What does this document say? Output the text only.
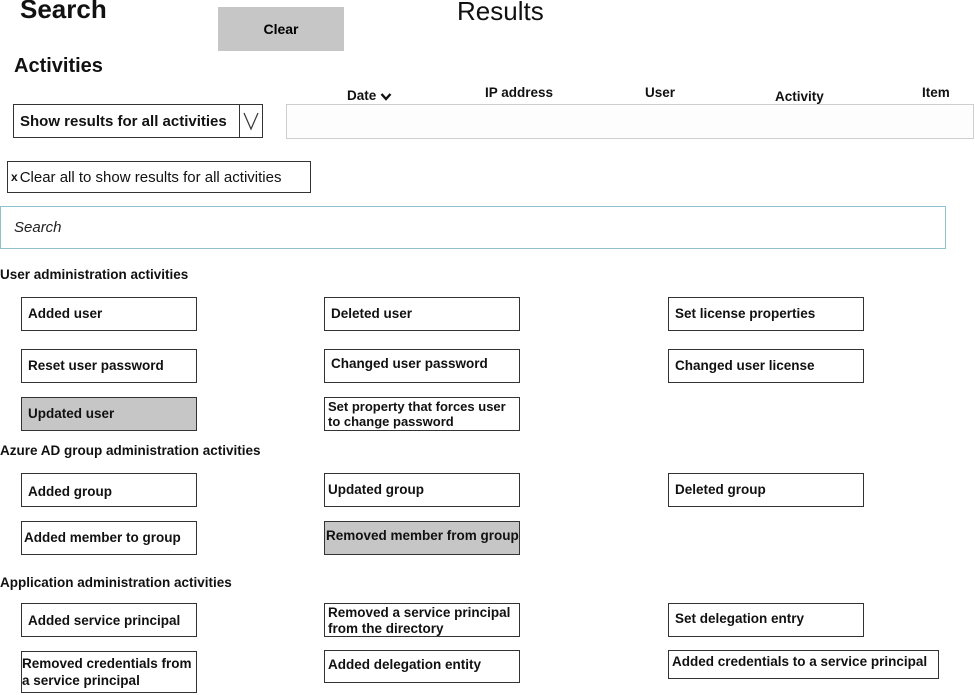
Search
Clear
Results
Activities
Show results for all activities
Date	IP address	User	Activity	Item
x Clear all to show results for all activities
Search
User administration activities
Added user	Deleted user	Set license properties
Reset user password	Changed user password	Changed user license
Updated user	Set property that forces user to change password
Azure AD group administration activities
Added group	Updated group	Deleted group
Added member to group	Removed member from group
Application administration activities
Added service principal
Removed a service principal from the directory
Set delegation entry
Removed credentials from a service principal
Added delegation entity	Added credentials to a service principal
